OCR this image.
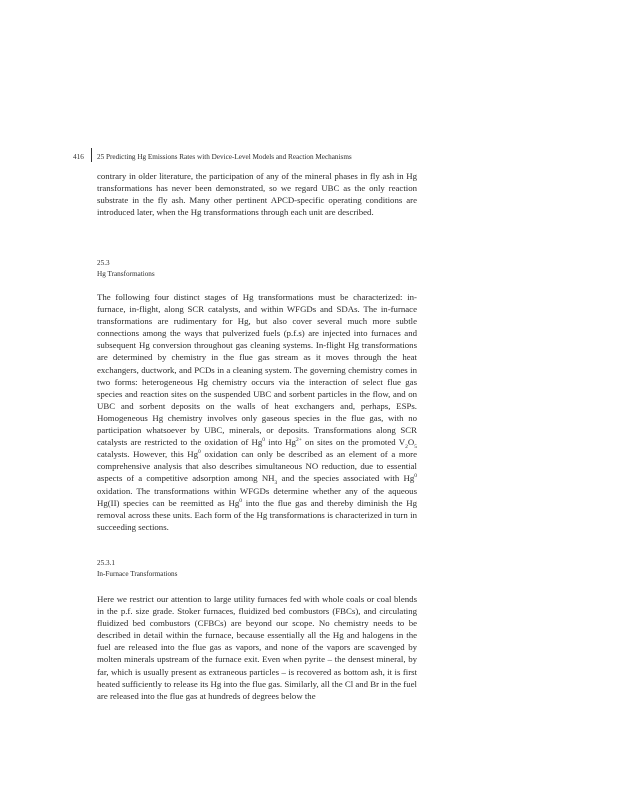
416 25 Predicting Hg Emissions Rates with Device-Level Models and Reaction Mechanisms

contrary in older literature, the participation of any of the mineral phases in fly ash in Hg transformations has never been demonstrated, so we regard UBC as the only reaction substrate in the fly ash. Many other pertinent APCD-specific operating conditions are introduced later, when the Hg transformations through each unit are described.

25.3
Hg Transformations

The following four distinct stages of Hg transformations must be characterized: in-furnace, in-flight, along SCR catalysts, and within WFGDs and SDAs. The in-furnace transformations are rudimentary for Hg, but also cover several much more subtle connections among the ways that pulverized fuels (p.f.s) are injected into furnaces and subsequent Hg conversion throughout gas cleaning systems. In-flight Hg transformations are determined by chemistry in the flue gas stream as it moves through the heat exchangers, ductwork, and PCDs in a cleaning system. The governing chemistry comes in two forms: heterogeneous Hg chemistry occurs via the interaction of select flue gas species and reaction sites on the suspended UBC and sorbent particles in the flow, and on UBC and sorbent deposits on the walls of heat exchangers and, perhaps, ESPs. Homogeneous Hg chemistry involves only gaseous species in the flue gas, with no participation whatsoever by UBC, minerals, or deposits. Transformations along SCR catalysts are restricted to the oxidation of Hg$^0$ into $Hg^{2+}$ on sites on the promoted $V_2O_5$ catalysts. However, this Hg$^0$ oxidation can only be described as an element of a more comprehensive analysis that also describes simultaneous NO reduction, due to essential aspects of a competitive adsorption among $NH_3$ and the species associated with Hg$^0$ oxidation. The transformations within WFGDs determine whether any of the aqueous Hg(II) species can be reemitted as Hg$^0$ into the flue gas and thereby diminish the Hg removal across these units. Each form of the Hg transformations is characterized in turn in succeeding sections.

25.3.1
In-Furnace Transformations

Here we restrict our attention to large utility furnaces fed with whole coals or coal blends in the p.f. size grade. Stoker furnaces, fluidized bed combustors (FBCs), and circulating fluidized bed combustors (CFBCs) are beyond our scope. No chemistry needs to be described in detail within the furnace, because essentially all the Hg and halogens in the fuel are released into the flue gas as vapors, and none of the vapors are scavenged by molten minerals upstream of the furnace exit. Even when pyrite – the densest mineral, by far, which is usually present as extraneous particles – is recovered as bottom ash, it is first heated sufficiently to release its Hg into the flue gas. Similarly, all the Cl and Br in the fuel are released into the flue gas at hundreds of degrees below the
